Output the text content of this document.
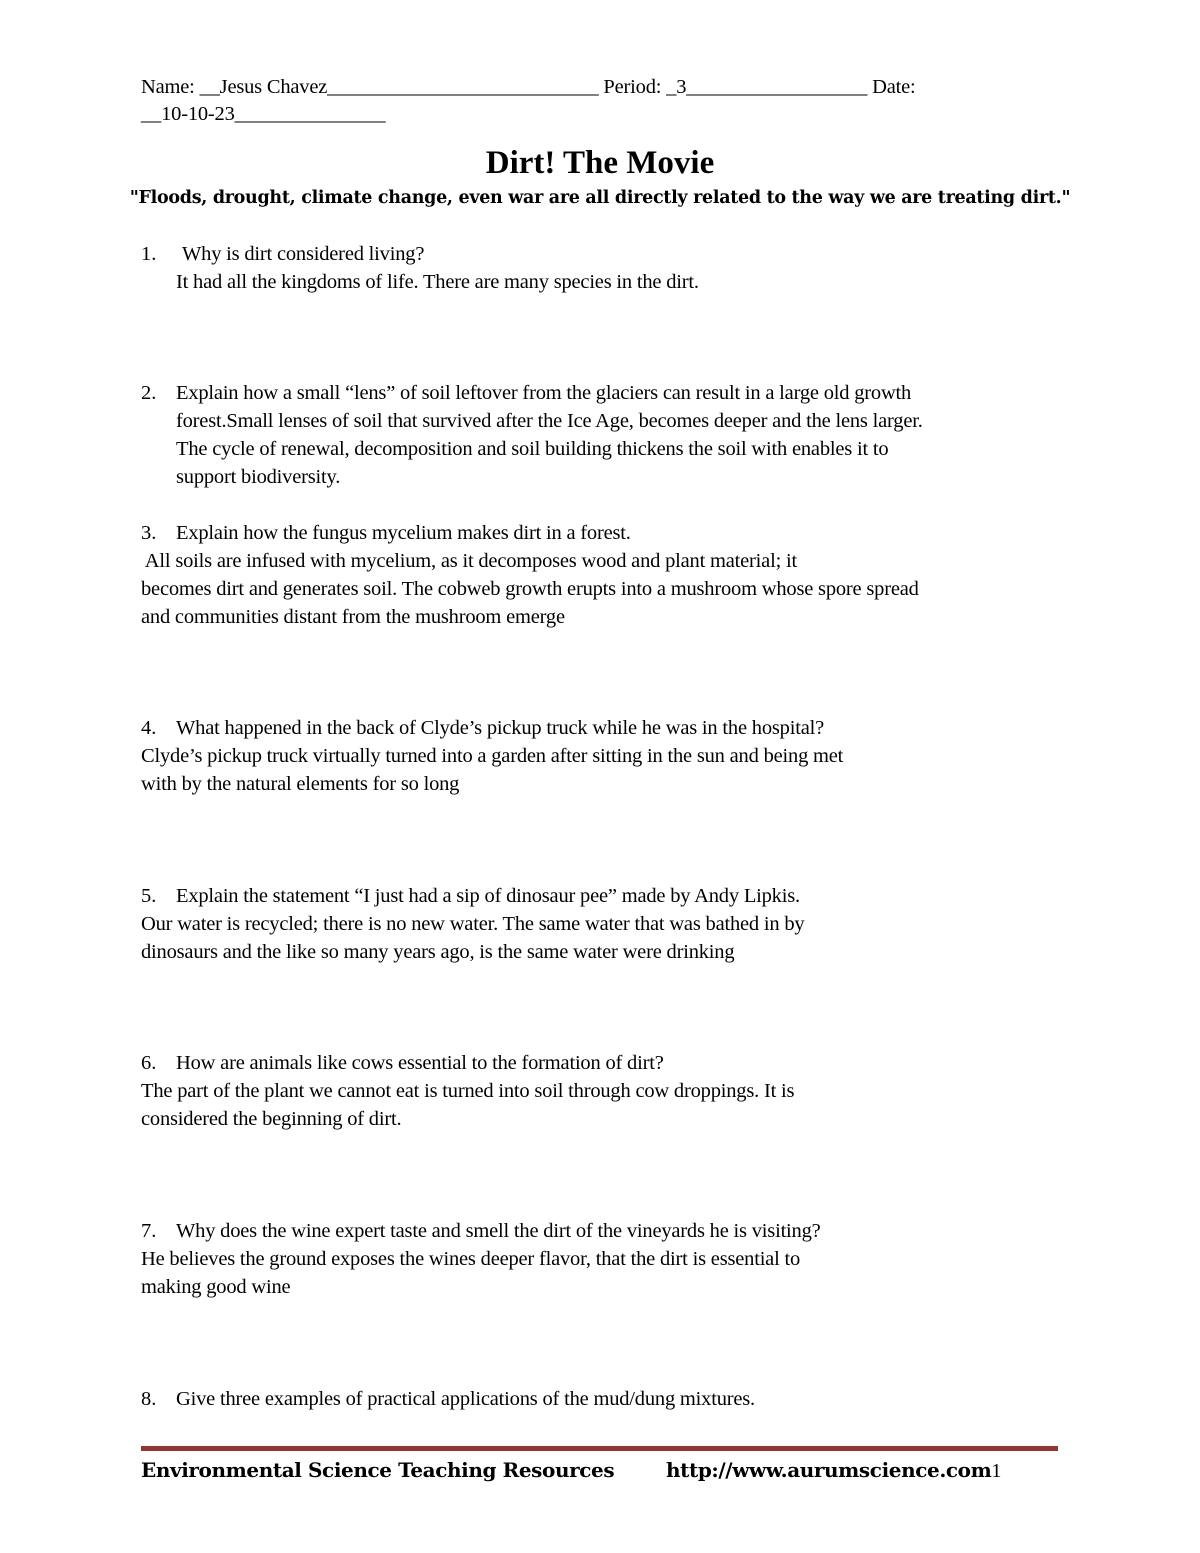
Name: __Jesus Chavez___________________________ Period: _3__________________ Date:
__10-10-23_______________
Dirt! The Movie
"Floods, drought, climate change, even war are all directly related to the way we are treating dirt."
1. Why is dirt considered living?
It had all the kingdoms of life. There are many species in the dirt.
2. Explain how a small “lens” of soil leftover from the glaciers can result in a large old growth
forest.Small lenses of soil that survived after the Ice Age, becomes deeper and the lens larger.
The cycle of renewal, decomposition and soil building thickens the soil with enables it to
support biodiversity.
3. Explain how the fungus mycelium makes dirt in a forest.
All soils are infused with mycelium, as it decomposes wood and plant material; it
becomes dirt and generates soil. The cobweb growth erupts into a mushroom whose spore spread
and communities distant from the mushroom emerge
4. What happened in the back of Clyde’s pickup truck while he was in the hospital?
Clyde’s pickup truck virtually turned into a garden after sitting in the sun and being met
with by the natural elements for so long
5. Explain the statement “I just had a sip of dinosaur pee” made by Andy Lipkis.
Our water is recycled; there is no new water. The same water that was bathed in by
dinosaurs and the like so many years ago, is the same water were drinking
6. How are animals like cows essential to the formation of dirt?
The part of the plant we cannot eat is turned into soil through cow droppings. It is
considered the beginning of dirt.
7. Why does the wine expert taste and smell the dirt of the vineyards he is visiting?
He believes the ground exposes the wines deeper flavor, that the dirt is essential to
making good wine
8. Give three examples of practical applications of the mud/dung mixtures.
Environmental Science Teaching Resources	http://www.aurumscience.com1
